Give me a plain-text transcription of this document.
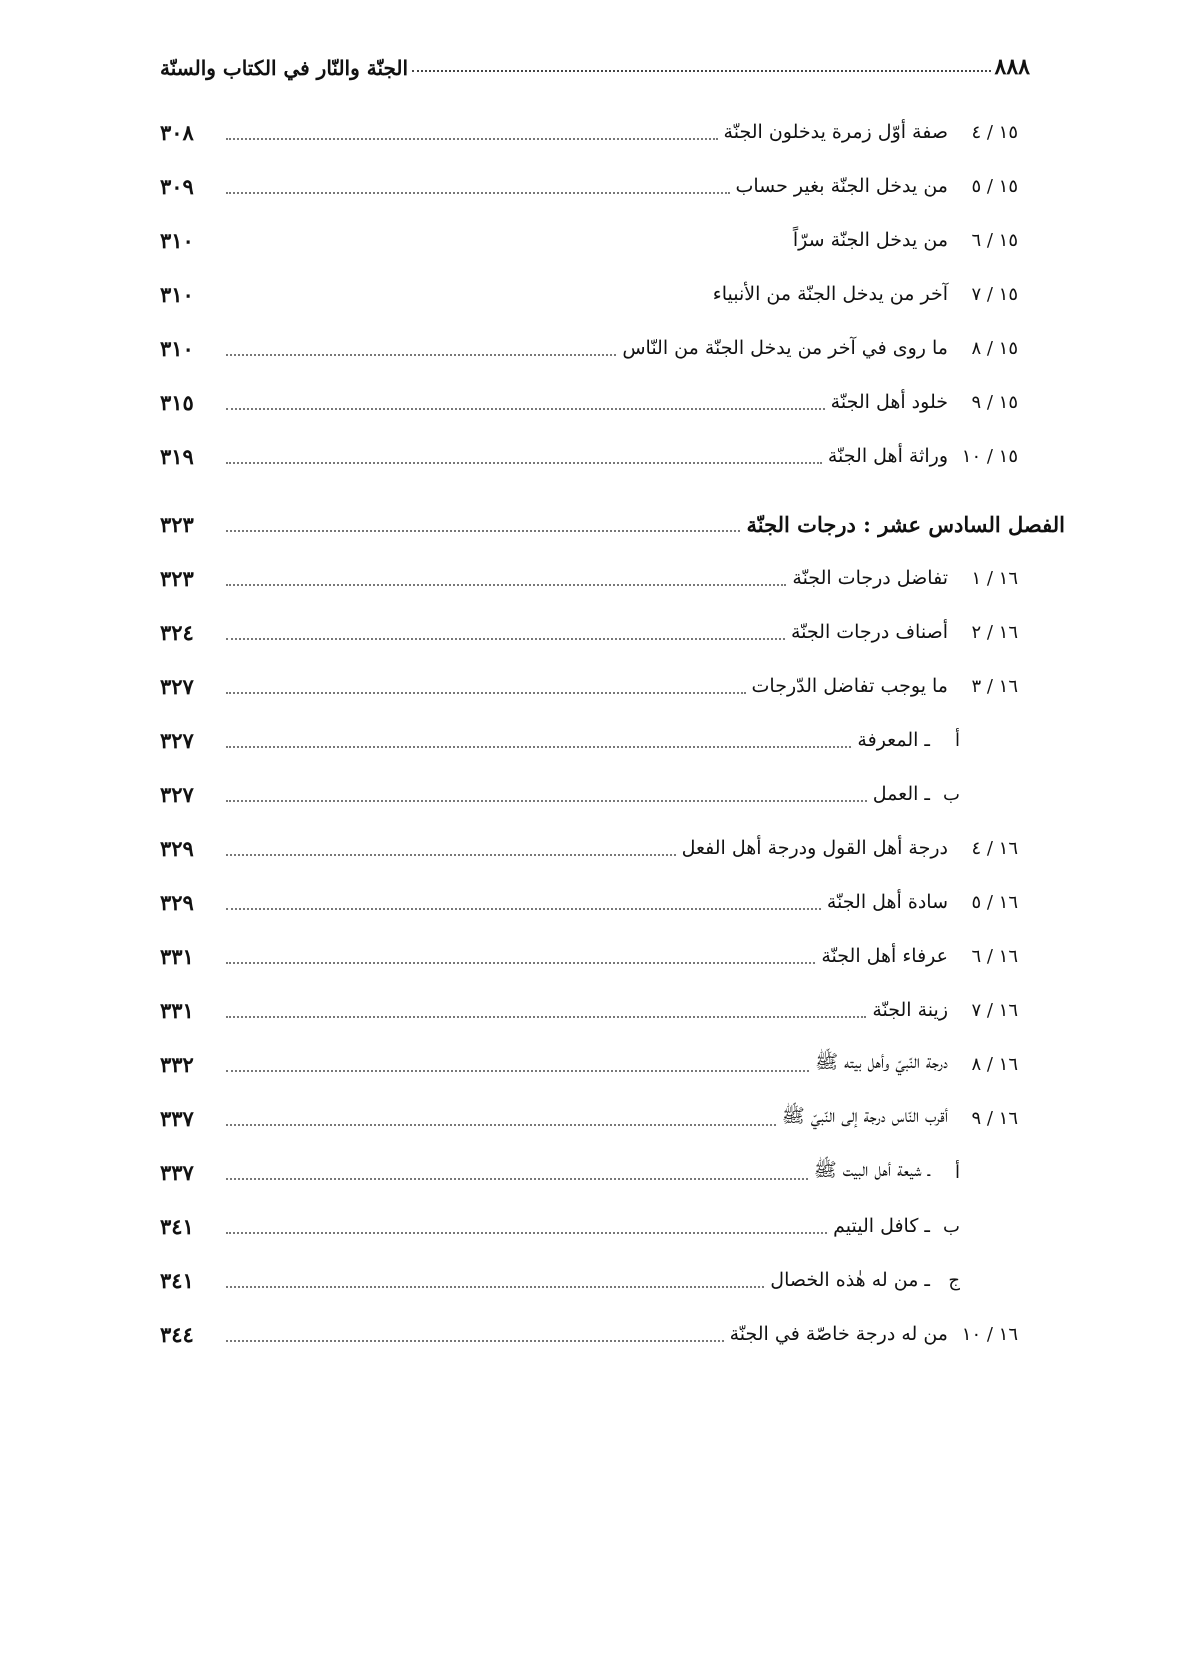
٨٨٨
الجنّة والنّار في الكتاب والسنّة
١٥ / ٤
صفة أوّل زمرة يدخلون الجنّة
٣٠٨
١٥ / ٥
من يدخل الجنّة بغير حساب
٣٠٩
١٥ / ٦
من يدخل الجنّة سرّاً
٣١٠
١٥ / ٧
آخر من يدخل الجنّة من الأنبياء
٣١٠
١٥ / ٨
ما روى في آخر من يدخل الجنّة من النّاس
٣١٠
١٥ / ٩
خلود أهل الجنّة
٣١٥
١٥ / ١٠
وراثة أهل الجنّة
٣١٩
الفصل السادس عشر : درجات الجنّة
٣٢٣
١٦ / ١
تفاضل درجات الجنّة
٣٢٣
١٦ / ٢
أصناف درجات الجنّة
٣٢٤
١٦ / ٣
ما يوجب تفاضل الدّرجات
٣٢٧
أ
ـ المعرفة
٣٢٧
ب
ـ العمل
٣٢٧
١٦ / ٤
درجة أهل القول ودرجة أهل الفعل
٣٢٩
١٦ / ٥
سادة أهل الجنّة
٣٢٩
١٦ / ٦
عرفاء أهل الجنّة
٣٣١
١٦ / ٧
زينة الجنّة
٣٣١
١٦ / ٨
درجة النّبيّ وأهل بيته ﷺ
٣٣٢
١٦ / ٩
أقرب النّاس درجة إلى النّبيّ ﷺ
٣٣٧
أ
ـ شيعة أهل البيت ﷺ
٣٣٧
ب
ـ كافل اليتيم
٣٤١
ج
ـ من له هٰذه الخصال
٣٤١
١٦ / ١٠
من له درجة خاصّة في الجنّة
٣٤٤
